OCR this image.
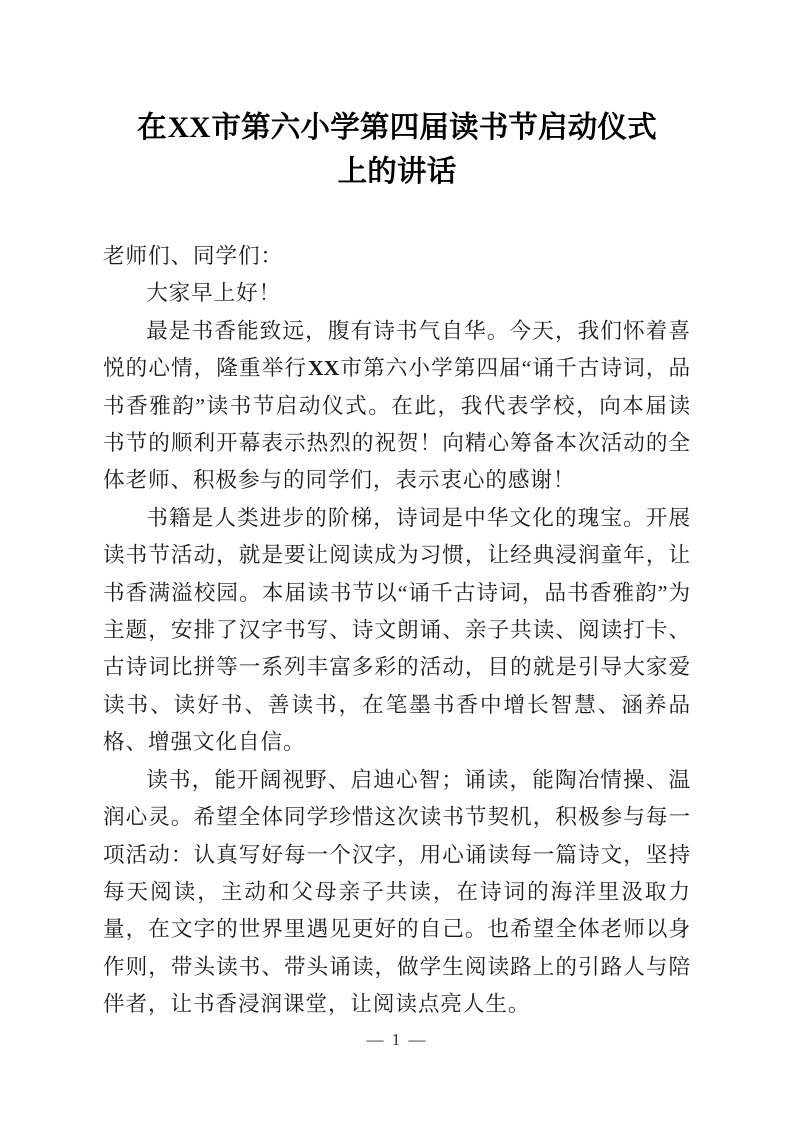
在XX市第六小学第四届读书节启动仪式
上的讲话

老师们、同学们：

大家早上好！

最是书香能致远，腹有诗书气自华。今天，我们怀着喜悦的心情，隆重举行XX市第六小学第四届“诵千古诗词，品书香雅韵”读书节启动仪式。在此，我代表学校，向本届读书节的顺利开幕表示热烈的祝贺！向精心筹备本次活动的全体老师、积极参与的同学们，表示衷心的感谢！

书籍是人类进步的阶梯，诗词是中华文化的瑰宝。开展读书节活动，就是要让阅读成为习惯，让经典浸润童年，让书香满溢校园。本届读书节以“诵千古诗词，品书香雅韵”为主题，安排了汉字书写、诗文朗诵、亲子共读、阅读打卡、古诗词比拼等一系列丰富多彩的活动，目的就是引导大家爱读书、读好书、善读书，在笔墨书香中增长智慧、涵养品格、增强文化自信。

读书，能开阔视野、启迪心智；诵读，能陶冶情操、温润心灵。希望全体同学珍惜这次读书节契机，积极参与每一项活动：认真写好每一个汉字，用心诵读每一篇诗文，坚持每天阅读，主动和父母亲子共读，在诗词的海洋里汲取力量，在文字的世界里遇见更好的自己。也希望全体老师以身作则，带头读书、带头诵读，做学生阅读路上的引路人与陪伴者，让书香浸润课堂，让阅读点亮人生。

— 1 —
